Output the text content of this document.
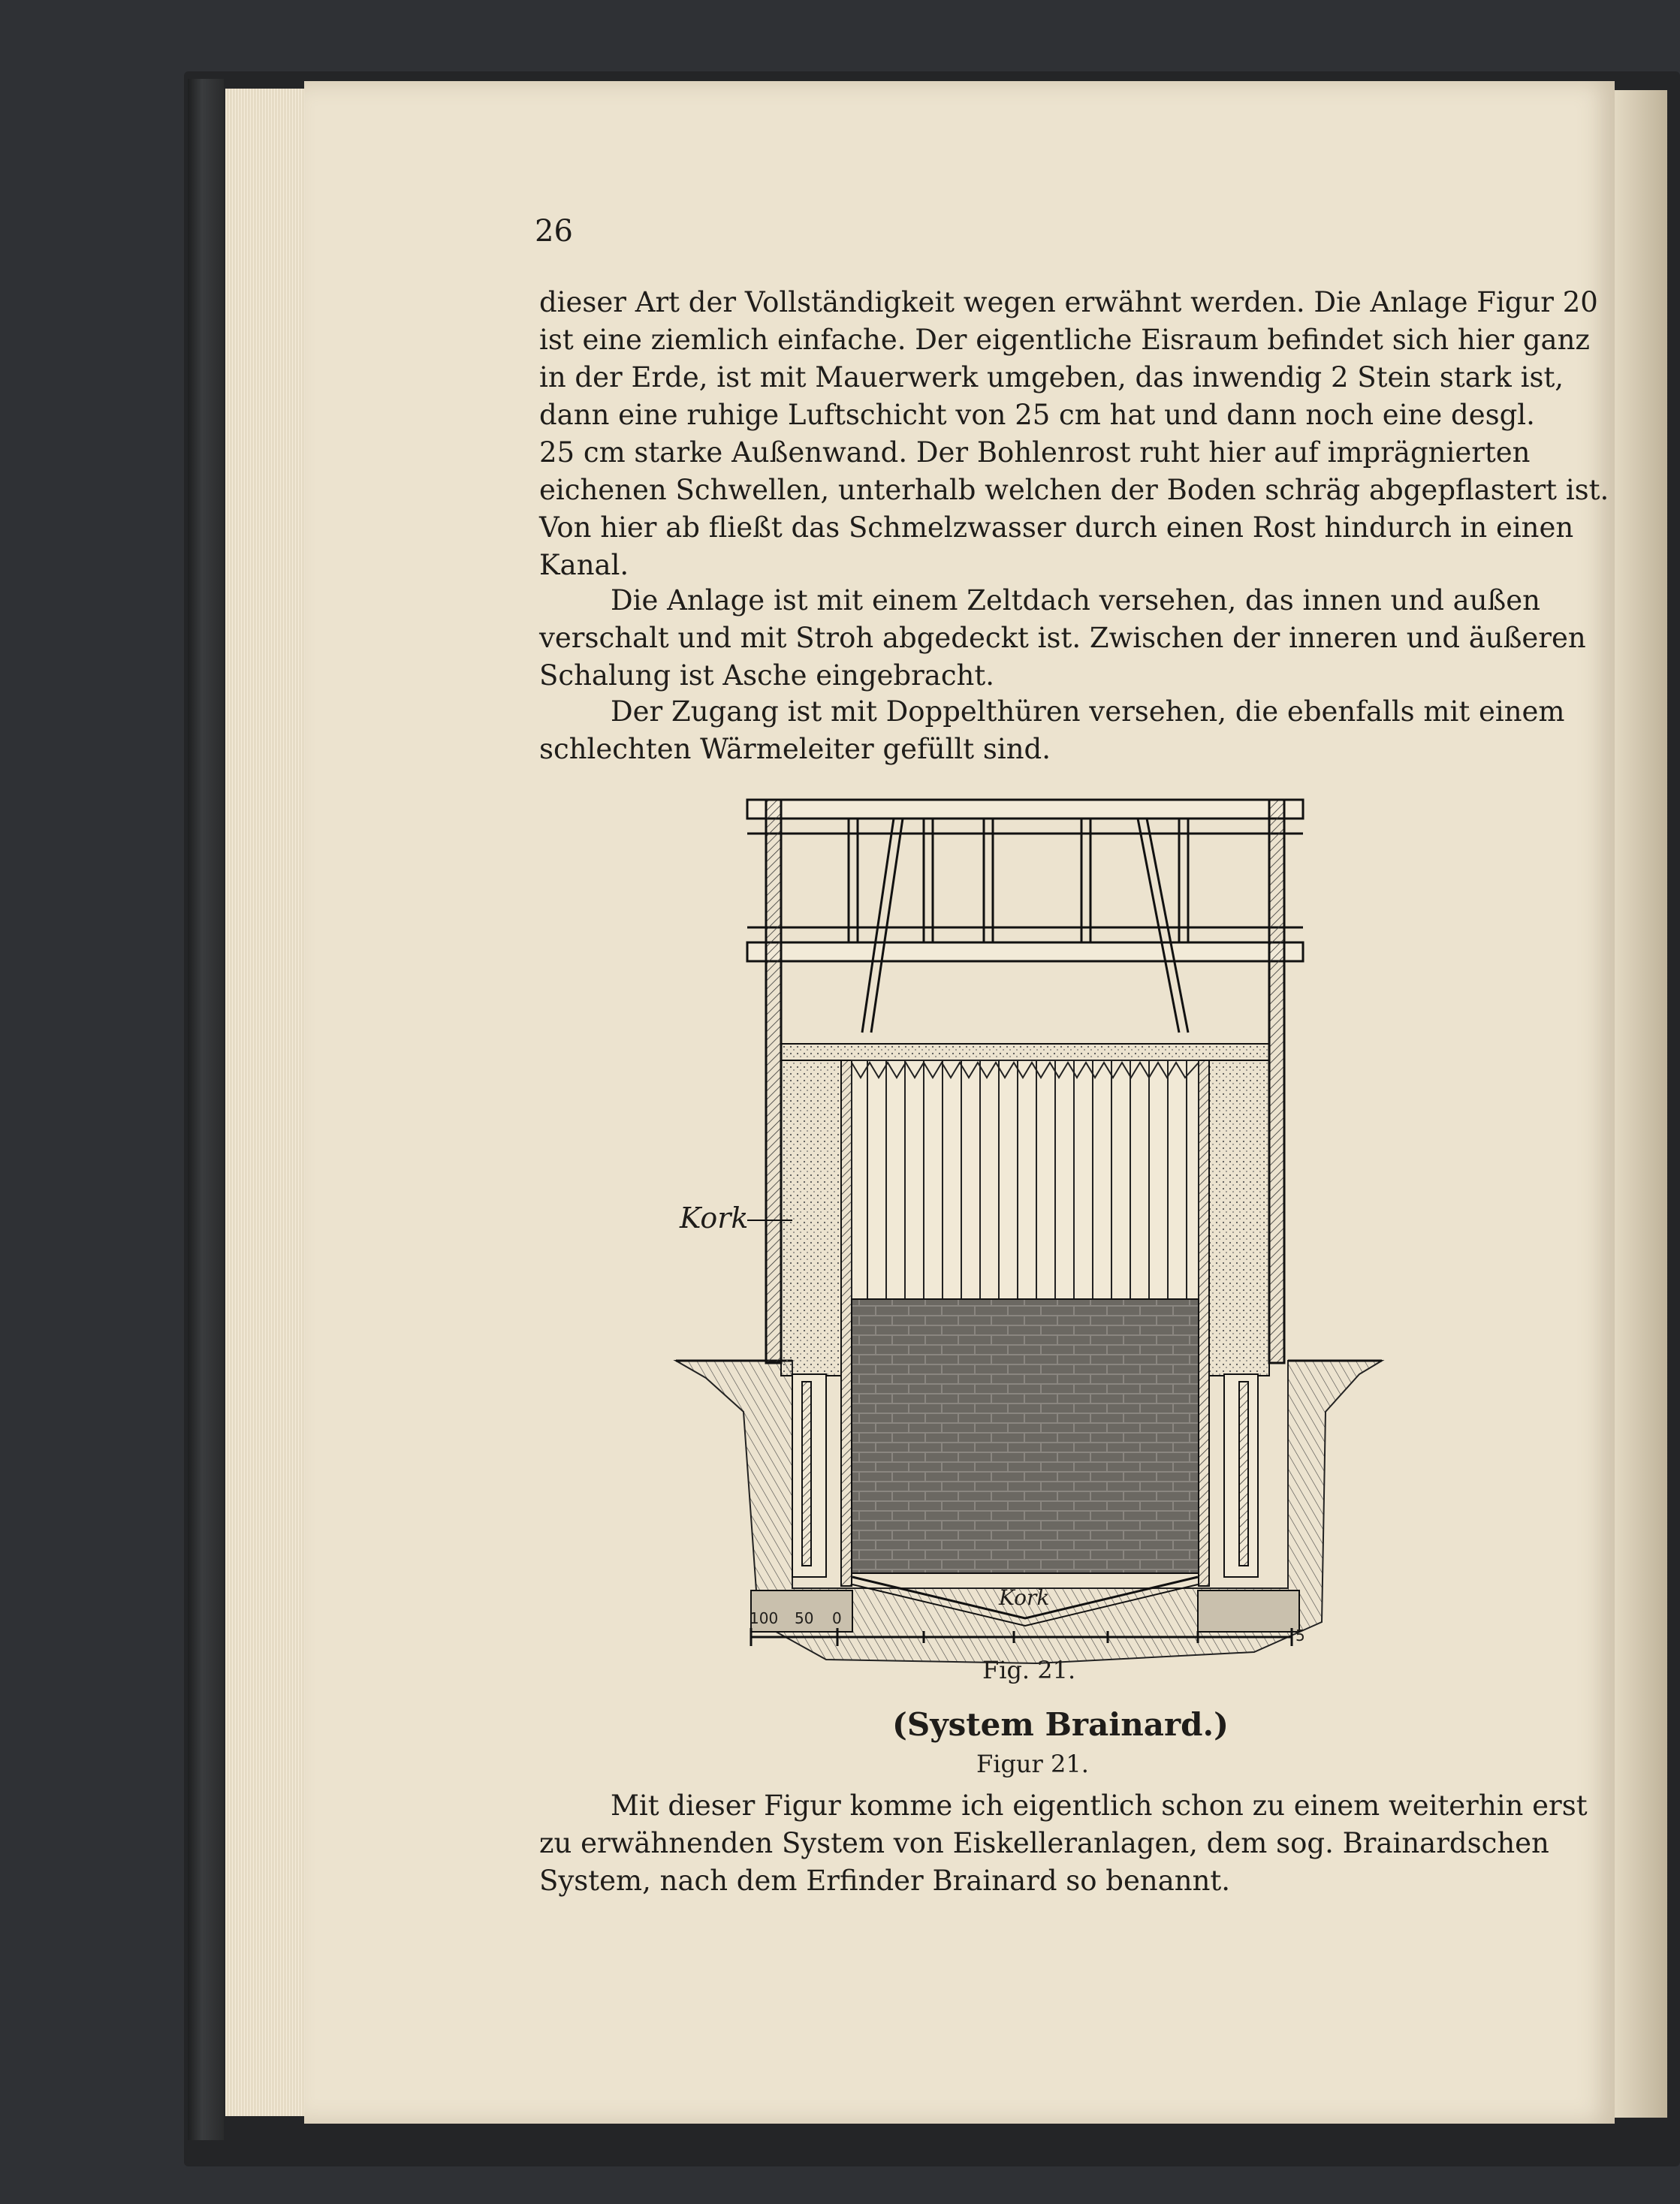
26
dieser Art der Vollständigkeit wegen erwähnt werden. Die Anlage Figur 20
ist eine ziemlich einfache. Der eigentliche Eisraum befindet sich hier ganz
in der Erde, ist mit Mauerwerk umgeben, das inwendig 2 Stein stark ist,
dann eine ruhige Luftschicht von 25 cm hat und dann noch eine desgl.
25 cm starke Außenwand. Der Bohlenrost ruht hier auf imprägnierten
eichenen Schwellen, unterhalb welchen der Boden schräg abgepflastert ist.
Von hier ab fließt das Schmelzwasser durch einen Rost hindurch in einen
Kanal.
Die Anlage ist mit einem Zeltdach versehen, das innen und außen
verschalt und mit Stroh abgedeckt ist. Zwischen der inneren und äußeren
Schalung ist Asche eingebracht.
Der Zugang ist mit Doppelthüren versehen, die ebenfalls mit einem
schlechten Wärmeleiter gefüllt sind.
Kork
Kork
100 50 0
5
Fig. 21.
(System Brainard.)
Figur 21.
Mit dieser Figur komme ich eigentlich schon zu einem weiterhin erst
zu erwähnenden System von Eiskelleranlagen, dem sog. Brainardschen
System, nach dem Erfinder Brainard so benannt.
